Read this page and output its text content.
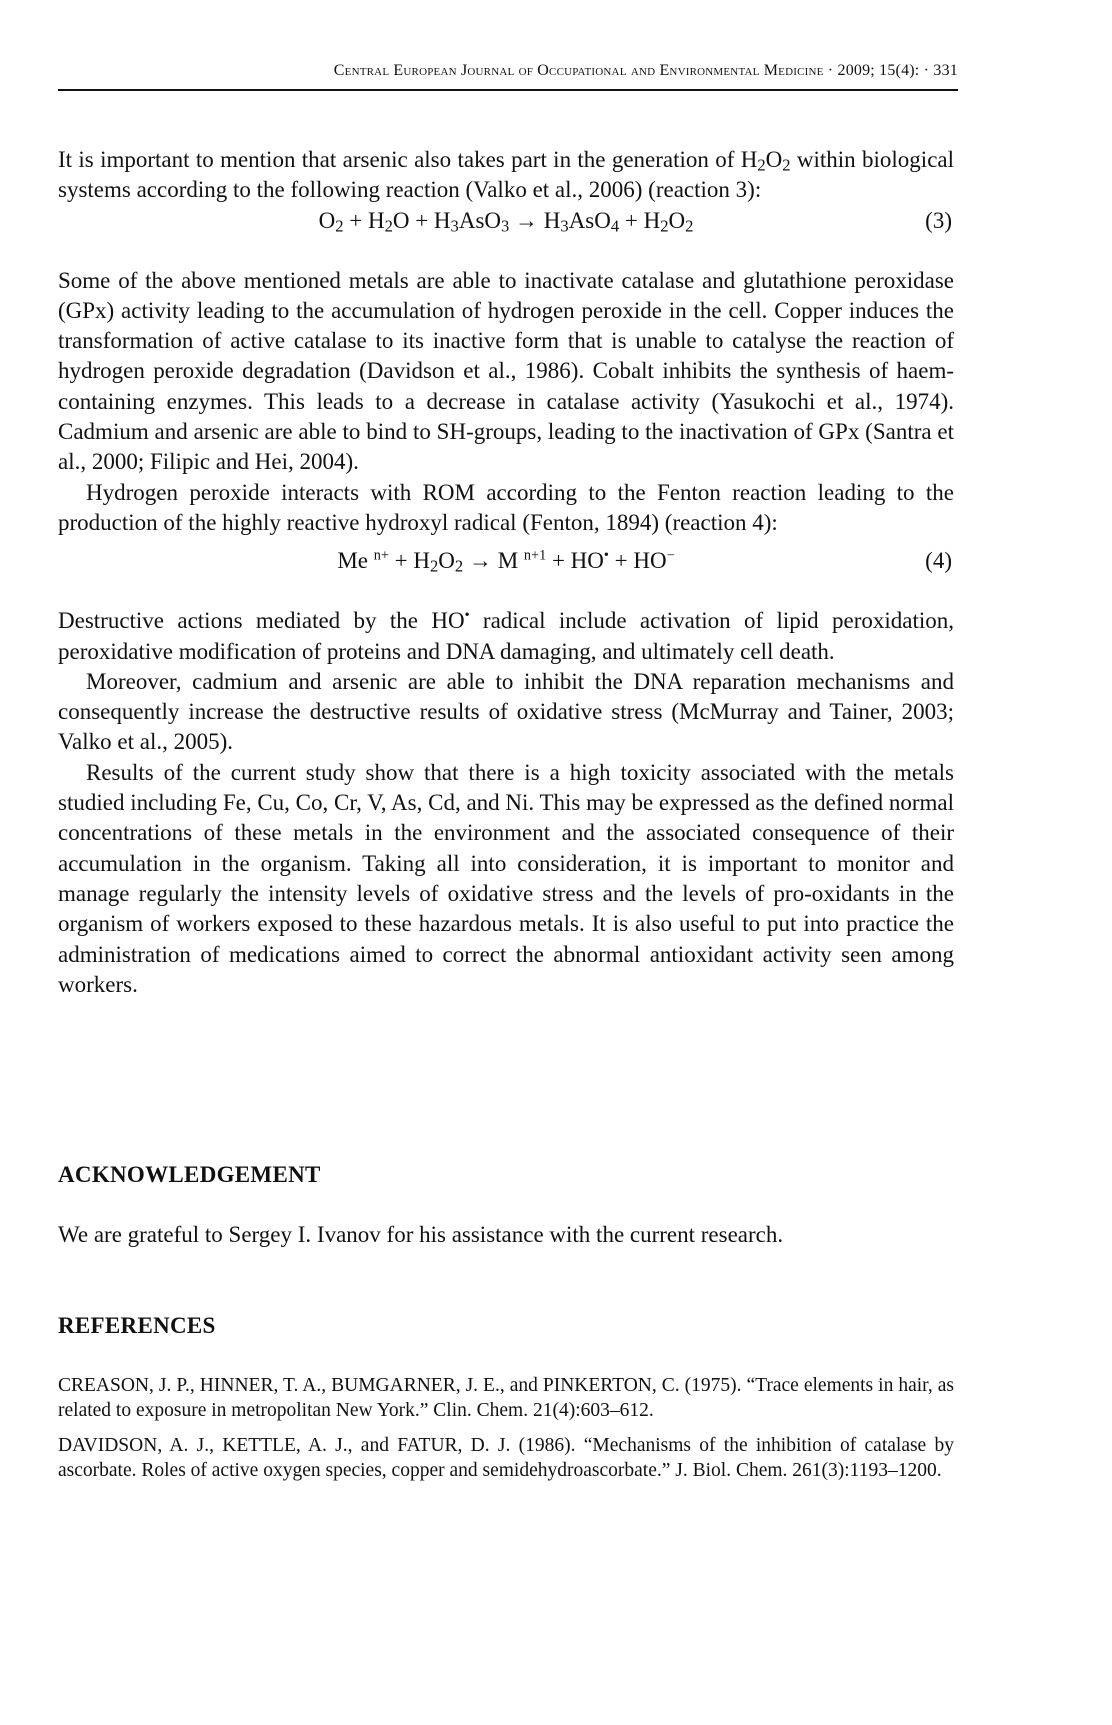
Central European Journal of Occupational and Environmental Medicine · 2009; 15(4): · 331

It is important to mention that arsenic also takes part in the generation of $H_2O_2$ within biological systems according to the following reaction (Valko et al., 2006) (reaction 3):

$O_2 + H_2O + H_3AsO_3 \to H_3AsO_4 + H_2O_2$	(3)

Some of the above mentioned metals are able to inactivate catalase and glutathione peroxidase (GPx) activity leading to the accumulation of hydrogen peroxide in the cell. Copper induces the transformation of active catalase to its inactive form that is unable to catalyse the reaction of hydrogen peroxide degradation (Davidson et al., 1986). Cobalt inhibits the synthesis of haem-containing enzymes. This leads to a decrease in catalase activity (Yasukochi et al., 1974). Cadmium and arsenic are able to bind to SH-groups, leading to the inactivation of GPx (Santra et al., 2000; Filipic and Hei, 2004).

Hydrogen peroxide interacts with ROM according to the Fenton reaction leading to the production of the highly reactive hydroxyl radical (Fenton, 1894) (reaction 4):

Me $^{n+} + H_2O_2 \to M$ $^{n+1}$ + HO• + HO−	(4)

Destructive actions mediated by the HO• radical include activation of lipid peroxidation, peroxidative modification of proteins and DNA damaging, and ultimately cell death.

Moreover, cadmium and arsenic are able to inhibit the DNA reparation mechanisms and consequently increase the destructive results of oxidative stress (McMurray and Tainer, 2003; Valko et al., 2005).

Results of the current study show that there is a high toxicity associated with the metals studied including Fe, Cu, Co, Cr, V, As, Cd, and Ni. This may be expressed as the defined normal concentrations of these metals in the environment and the associated consequence of their accumulation in the organism. Taking all into consideration, it is important to monitor and manage regularly the intensity levels of oxidative stress and the levels of pro-oxidants in the organism of workers exposed to these hazardous metals. It is also useful to put into practice the administration of medications aimed to correct the abnormal antioxidant activity seen among workers.

ACKNOWLEDGEMENT

We are grateful to Sergey I. Ivanov for his assistance with the current research.

REFERENCES

CREASON, J. P., HINNER, T. A., BUMGARNER, J. E., and PINKERTON, C. (1975). “Trace elements in hair, as related to exposure in metropolitan New York.” Clin. Chem. 21(4):603–612.

DAVIDSON, A. J., KETTLE, A. J., and FATUR, D. J. (1986). “Mechanisms of the inhibition of catalase by ascorbate. Roles of active oxygen species, copper and semidehydroascorbate.” J. Biol. Chem. 261(3):1193–1200.
